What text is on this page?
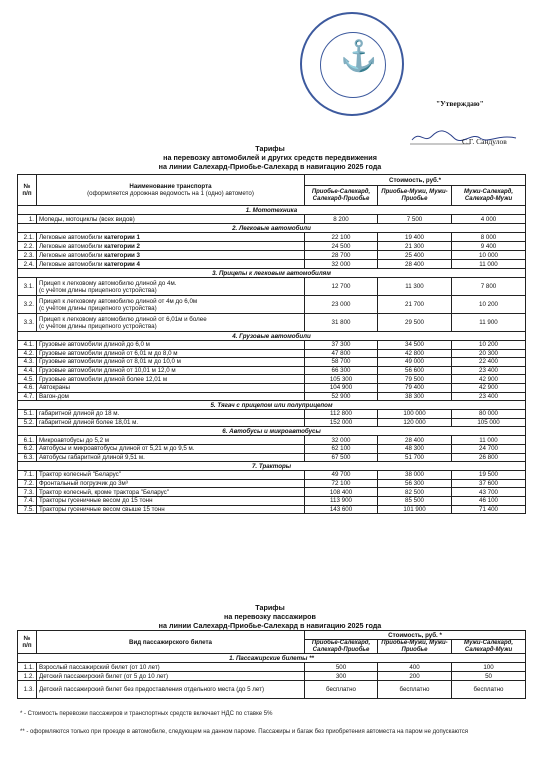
⚓
"Утверждаю"
С.Г. Сандулов
Тарифы
на перевозку автомобилей и других средств передвижения
на линии Салехард-Приобье-Салехард в навигацию 2025 года
№ п/п	Наименование транспорта
(оформляется дорожная ведомость на 1 (одно) автомето)	Стоимость, руб.*		
		Приобье-Салехард, Салехард-Приобье	Приобье-Мужи, Мужи-Приобье	Мужи-Салехард, Салехард-Мужи
1. Мототехника				
1.	Мопеды, мотоциклы (всех видов)	8 200	7 500	4 000
2. Легковые автомобили				
2.1.	Легковые автомобили категории 1	22 100	19 400	8 000
2.2.	Легковые автомобили категории 2	24 500	21 300	9 400
2.3.	Легковые автомобили категории 3	28 700	25 400	10 000
2.4.	Легковые автомобили категории 4	32 000	28 400	11 000
3. Прицепы к легковым автомобилям				
3.1.	Прицеп к легковому автомобилю длиной до 4м.
(с учётом длины прицепного устройства)	12 700	11 300	7 800
3.2.	Прицеп к легковому автомобилю длиной от 4м до 6,0м
(с учётом длины прицепного устройства)	23 000	21 700	10 200
3.3.	Прицеп к легковому автомобилю длиной от 6,01м и более
(с учётом длины прицепного устройства)	31 800	29 500	11 900
4. Грузовые автомобили				
4.1.	Грузовые автомобили длиной до 6,0 м	37 300	34 500	10 200
4.2.	Грузовые автомобили длиной от 6,01 м до 8,0 м	47 800	42 800	20 300
4.3.	Грузовые автомобили длиной от 8,01 м до 10,0 м	58 700	49 000	22 400
4.4.	Грузовые автомобили длиной от 10,01 м 12,0 м	66 300	56 600	23 400
4.5.	Грузовые автомобили длиной более 12,01 м	105 300	79 500	42 900
4.6.	Автокраны	104 900	79 400	42 900
4.7.	Вагон-дом	52 900	38 300	23 400
5. Тягач с прицепом или полуприцепом				
5.1.	габаритной длиной до 18 м.	112 800	100 000	80 000
5.2.	габаритной длиной более 18,01 м.	152 000	120 000	105 000
6. Автобусы и микроавтобусы				
6.1.	Микроавтобусы до 5,2 м	32 000	28 400	11 000
6.2.	Автобусы и микроавтобусы длиной от 5,21 м до 9,5 м.	62 100	48 300	24 700
6.3.	Автобусы габаритной длиной 9,51 м.	67 500	51 700	26 800
7. Тракторы				
7.1.	Трактор колесный "Беларус"	49 700	38 000	19 500
7.2.	Фронтальный погрузчик до 3м³	72 100	56 300	37 600
7.3.	Трактор колесный, кроме трактора "Беларус"	108 400	82 500	43 700
7.4.	Тракторы гусеничные весом до 15 тонн	113 900	85 500	46 100
7.5.	Тракторы гусеничные весом свыше 15 тонн	143 600	101 900	71 400
Тарифы
на перевозку пассажиров
на линии Салехард-Приобье-Салехард в навигацию 2025 года
№ п/п	Вид пассажирского билета	Стоимость, руб. *		
		Приобье-Салехард, Салехард-Приобье	Приобье-Мужи, Мужи-Приобье	Мужи-Салехард, Салехард-Мужи
1. Пассажирские билеты **				
1.1.	Взрослый пассажирский билет (от 10 лет)	500	400	100
1.2.	Детский пассажирский билет (от 5 до 10 лет)	300	200	50
1.3.	Детский пассажирский билет без предоставления отдельного места (до 5 лет)	бесплатно	бесплатно	бесплатно
* - Стоимость перевозки пассажиров и транспортных средств включает НДС по ставке 5%
** - оформляются только при проезде в автомобиле, следующем на данном пароме. Пассажиры и багаж без приобретения автоместа на паром не допускаются
